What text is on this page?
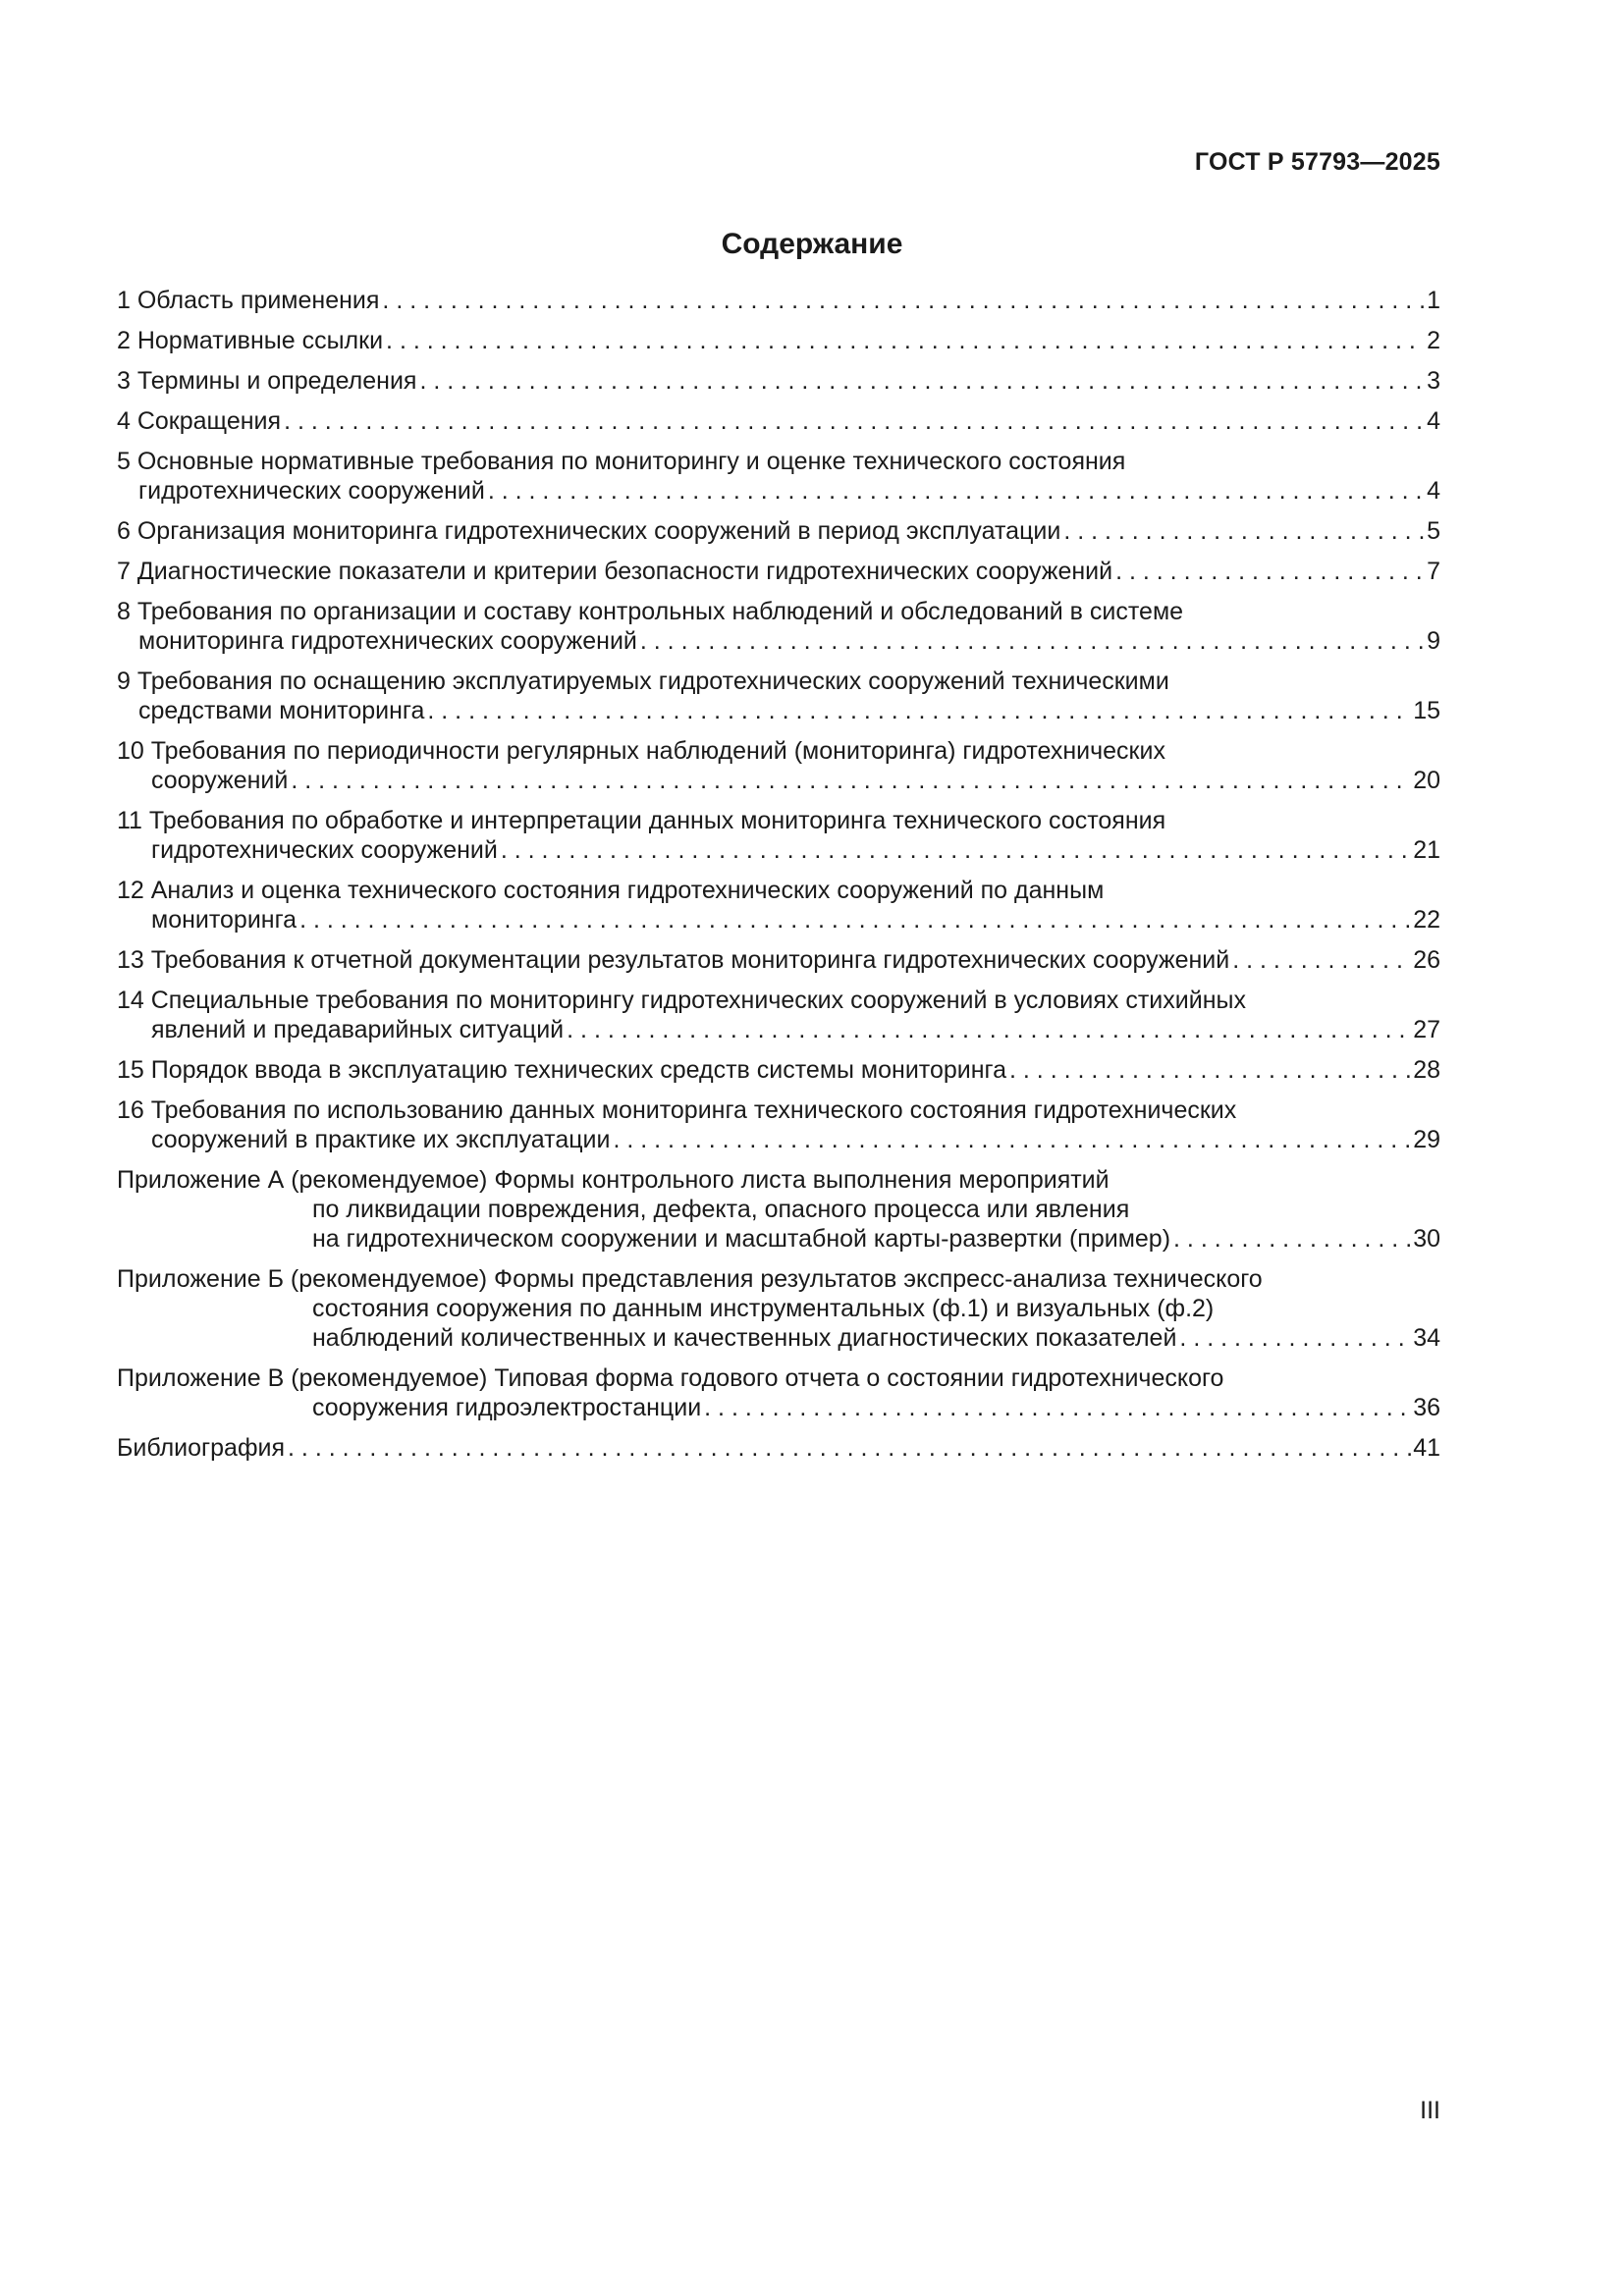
ГОСТ Р 57793—2025
Содержание
1 Область применения . . .	1
2 Нормативные ссылки . . .	2
3 Термины и определения . . .	3
4 Сокращения . . .	4
5 Основные нормативные требования по мониторингу и оценке технического состояния
гидротехнических сооружений . . .	4
6 Организация мониторинга гидротехнических сооружений в период эксплуатации . . .	5
7 Диагностические показатели и критерии безопасности гидротехнических сооружений . . .	7
8 Требования по организации и составу контрольных наблюдений и обследований в системе
мониторинга гидротехнических сооружений . . .	9
9 Требования по оснащению эксплуатируемых гидротехнических сооружений техническими
средствами мониторинга . . .	15
10 Требования по периодичности регулярных наблюдений (мониторинга) гидротехнических
сооружений . . .	20
11 Требования по обработке и интерпретации данных мониторинга технического состояния
гидротехнических сооружений . . .	21
12 Анализ и оценка технического состояния гидротехнических сооружений по данным
мониторинга . . .	22
13 Требования к отчетной документации результатов мониторинга гидротехнических сооружений . . .	26
14 Специальные требования по мониторингу гидротехнических сооружений в условиях стихийных
явлений и предаварийных ситуаций . . .	27
15 Порядок ввода в эксплуатацию технических средств системы мониторинга . . .	28
16 Требования по использованию данных мониторинга технического состояния гидротехнических
сооружений в практике их эксплуатации . . .	29
Приложение А (рекомендуемое) Формы контрольного листа выполнения мероприятий
по ликвидации повреждения, дефекта, опасного процесса или явления
на гидротехническом сооружении и масштабной карты-развертки (пример) . . .	30
Приложение Б (рекомендуемое) Формы представления результатов экспресс-анализа технического
состояния сооружения по данным инструментальных (ф.1) и визуальных (ф.2)
наблюдений количественных и качественных диагностических показателей . . .	34
Приложение В (рекомендуемое) Типовая форма годового отчета о состоянии гидротехнического
сооружения гидроэлектростанции . . .	36
Библиография . . .	41
III
